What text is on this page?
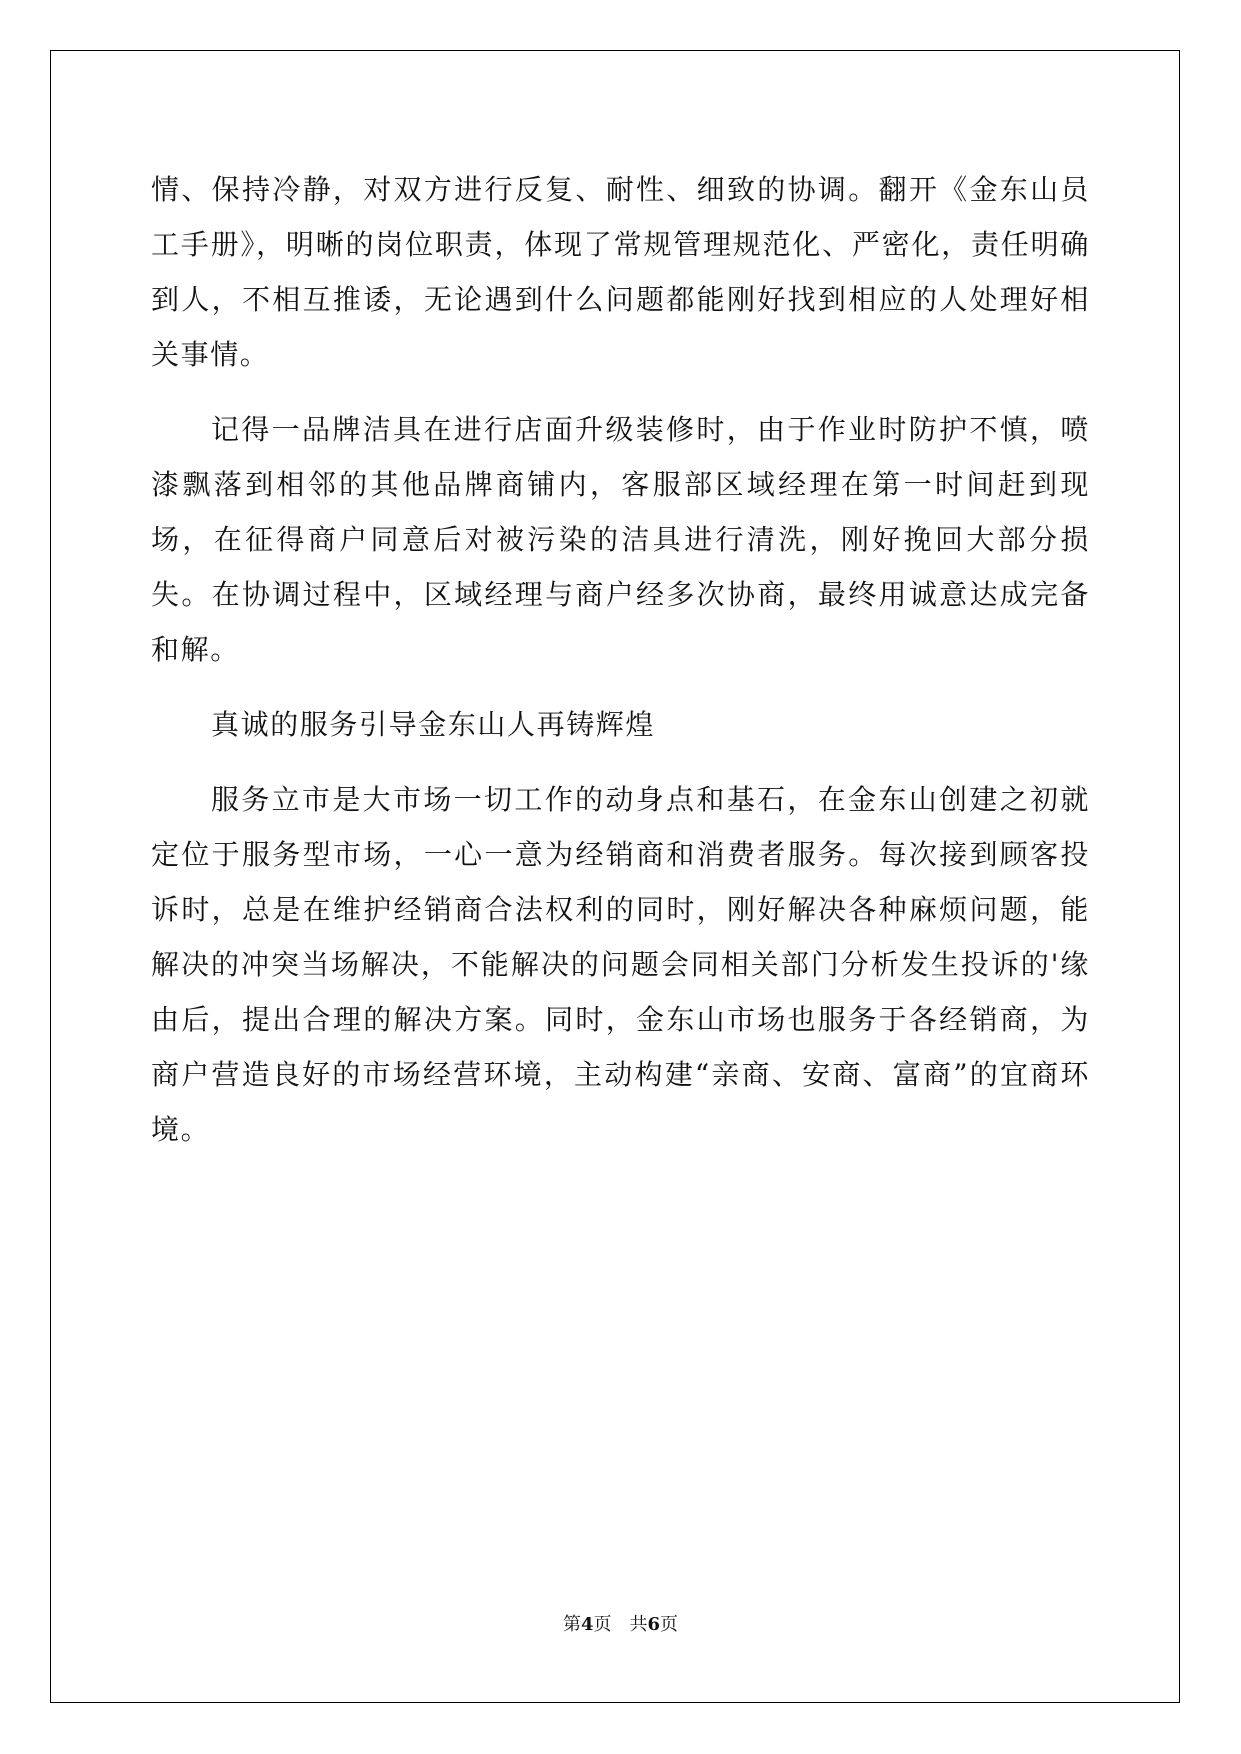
情、保持冷静，对双方进行反复、耐性、细致的协调。翻开《金东山员工手册》，明晰的岗位职责，体现了常规管理规范化、严密化，责任明确到人，不相互推诿，无论遇到什么问题都能刚好找到相应的人处理好相关事情。

记得一品牌洁具在进行店面升级装修时，由于作业时防护不慎，喷漆飘落到相邻的其他品牌商铺内，客服部区域经理在第一时间赶到现场，在征得商户同意后对被污染的洁具进行清洗，刚好挽回大部分损失。在协调过程中，区域经理与商户经多次协商，最终用诚意达成完备和解。

真诚的服务引导金东山人再铸辉煌

服务立市是大市场一切工作的动身点和基石，在金东山创建之初就定位于服务型市场，一心一意为经销商和消费者服务。每次接到顾客投诉时，总是在维护经销商合法权利的同时，刚好解决各种麻烦问题，能解决的冲突当场解决，不能解决的问题会同相关部门分析发生投诉的'缘由后，提出合理的解决方案。同时，金东山市场也服务于各经销商，为商户营造良好的市场经营环境，主动构建“亲商、安商、富商”的宜商环境。

第4页 共6页
